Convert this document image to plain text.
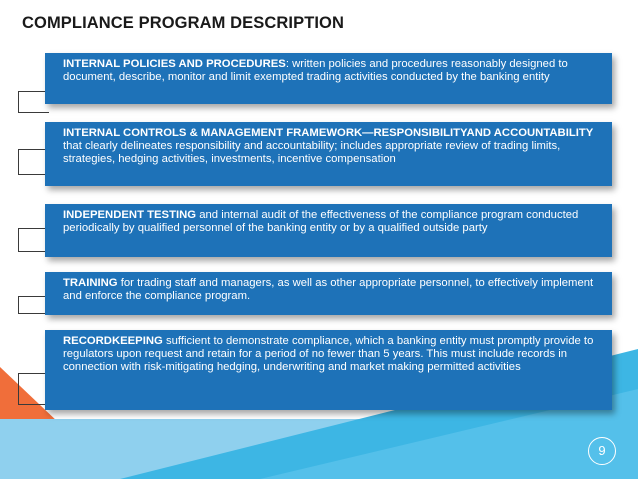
COMPLIANCE PROGRAM DESCRIPTION
INTERNAL POLICIES AND PROCEDURES: written policies and procedures reasonably designed to document, describe, monitor and limit exempted trading activities conducted by the banking entity
INTERNAL CONTROLS & MANAGEMENT FRAMEWORK—RESPONSIBILITYAND ACCOUNTABILITY that clearly delineates responsibility and accountability; includes appropriate review of trading limits, strategies, hedging activities, investments, incentive compensation
INDEPENDENT TESTING and internal audit of the effectiveness of the compliance program conducted periodically by qualified personnel of the banking entity or by a qualified outside party
TRAINING for trading staff and managers, as well as other appropriate personnel, to effectively implement and enforce the compliance program.
RECORDKEEPING sufficient to demonstrate compliance, which a banking entity must promptly provide to regulators upon request and retain for a period of no fewer than 5 years. This must include records in connection with risk-mitigating hedging, underwriting and market making permitted activities
9
